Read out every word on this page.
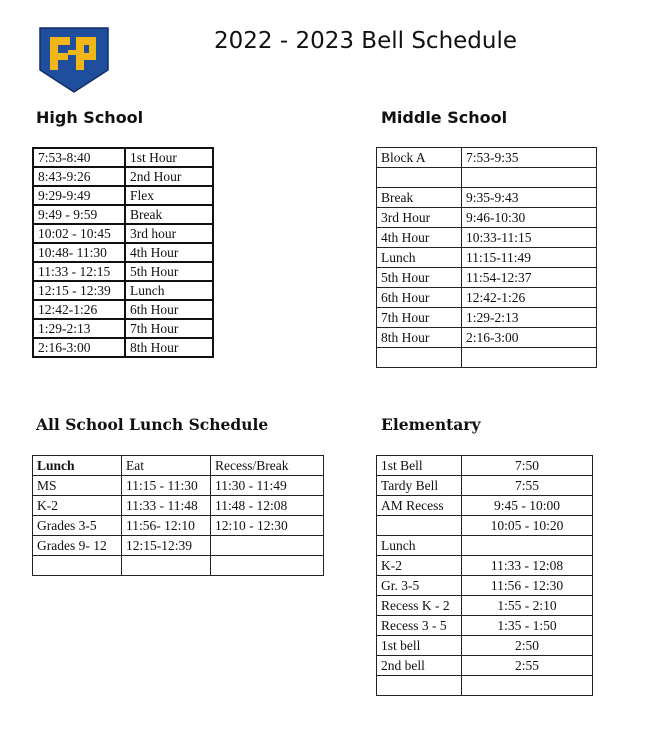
2022 - 2023 Bell Schedule
High School
7:53-8:40	1st Hour
8:43-9:26	2nd Hour
9:29-9:49	Flex
9:49 - 9:59	Break
10:02 - 10:45	3rd hour
10:48- 11:30	4th Hour
11:33 - 12:15	5th Hour
12:15 - 12:39	Lunch
12:42-1:26	6th Hour
1:29-2:13	7th Hour
2:16-3:00	8th Hour
Middle School
Block A	7:53-9:35

Break	9:35-9:43
3rd Hour	9:46-10:30
4th Hour	10:33-11:15
Lunch	11:15-11:49
5th Hour	11:54-12:37
6th Hour	12:42-1:26
7th Hour	1:29-2:13
8th Hour	2:16-3:00

All School Lunch Schedule
Lunch	Eat	Recess/Break
MS	11:15 - 11:30	11:30 - 11:49
K-2	11:33 - 11:48	11:48 - 12:08
Grades 3-5	11:56- 12:10	12:10 - 12:30
Grades 9- 12	12:15-12:39	

Elementary
1st Bell	7:50
Tardy Bell	7:55
AM Recess	9:45 - 10:00
	10:05 - 10:20
Lunch	
K-2	11:33 - 12:08
Gr. 3-5	11:56 - 12:30
Recess K - 2	1:55 - 2:10
Recess 3 - 5	1:35 - 1:50
1st bell	2:50
2nd bell	2:55
